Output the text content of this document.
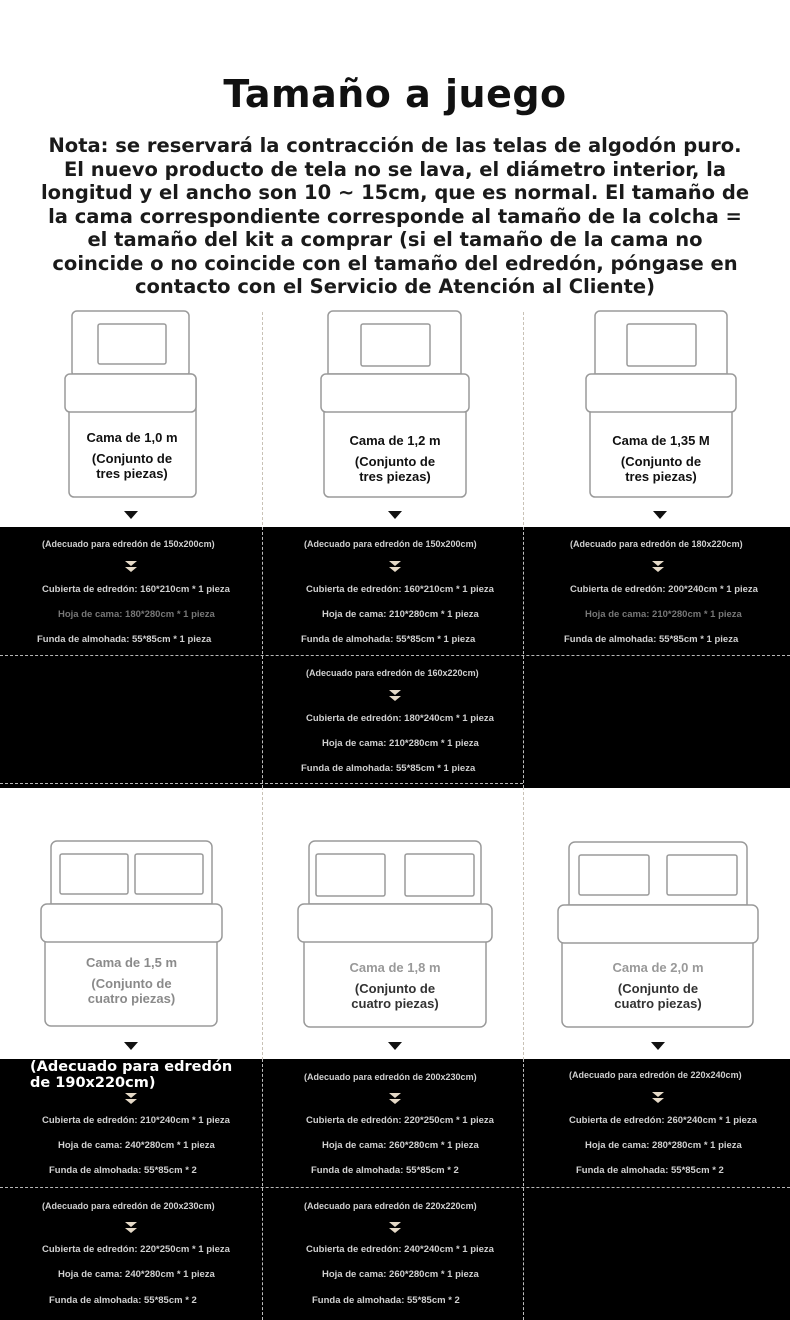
Tamaño a juego
Nota: se reservará la contracción de las telas de algodón puro. El nuevo producto de tela no se lava, el diámetro interior, la longitud y el ancho son 10 ~ 15cm, que es normal. El tamaño de la cama correspondiente corresponde al tamaño de la colcha = el tamaño del kit a comprar (si el tamaño de la cama no coincide o no coincide con el tamaño del edredón, póngase en contacto con el Servicio de Atención al Cliente)
Cama de 1,0 m
(Conjunto de
tres piezas)
Cama de 1,2 m
(Conjunto de
tres piezas)
Cama de 1,35 M
(Conjunto de
tres piezas)
Cama de 1,5 m
(Conjunto de
cuatro piezas)
Cama de 1,8 m
(Conjunto de
cuatro piezas)
Cama de 2,0 m
(Conjunto de
cuatro piezas)
(Adecuado para edredón de 150x200cm)
Cubierta de edredón: 160*210cm * 1 pieza
Hoja de cama: 180*280cm * 1 pieza
Funda de almohada: 55*85cm * 1 pieza
(Adecuado para edredón de 150x200cm)
Cubierta de edredón: 160*210cm * 1 pieza
Hoja de cama: 210*280cm * 1 pieza
Funda de almohada: 55*85cm * 1 pieza
(Adecuado para edredón de 180x220cm)
Cubierta de edredón: 200*240cm * 1 pieza
Hoja de cama: 210*280cm * 1 pieza
Funda de almohada: 55*85cm * 1 pieza
(Adecuado para edredón de 160x220cm)
Cubierta de edredón: 180*240cm * 1 pieza
Hoja de cama: 210*280cm * 1 pieza
Funda de almohada: 55*85cm * 1 pieza
(Adecuado para edredón de 190x220cm)
Cubierta de edredón: 210*240cm * 1 pieza
Hoja de cama: 240*280cm * 1 pieza
Funda de almohada: 55*85cm * 2
(Adecuado para edredón de 200x230cm)
Cubierta de edredón: 220*250cm * 1 pieza
Hoja de cama: 260*280cm * 1 pieza
Funda de almohada: 55*85cm * 2
(Adecuado para edredón de 220x240cm)
Cubierta de edredón: 260*240cm * 1 pieza
Hoja de cama: 280*280cm * 1 pieza
Funda de almohada: 55*85cm * 2
(Adecuado para edredón de 200x230cm)
Cubierta de edredón: 220*250cm * 1 pieza
Hoja de cama: 240*280cm * 1 pieza
Funda de almohada: 55*85cm * 2
(Adecuado para edredón de 220x220cm)
Cubierta de edredón: 240*240cm * 1 pieza
Hoja de cama: 260*280cm * 1 pieza
Funda de almohada: 55*85cm * 2
